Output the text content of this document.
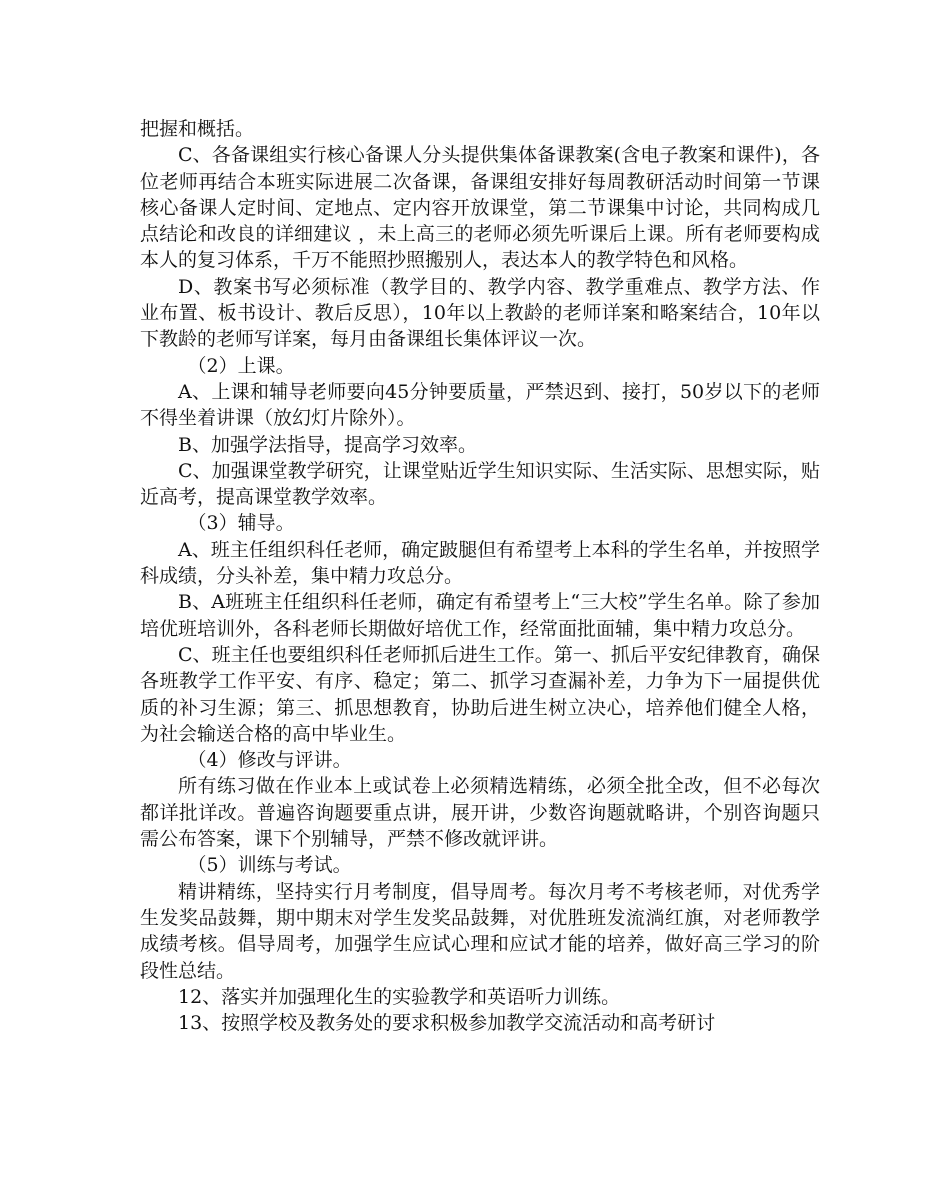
把握和概括。

C、各备课组实行核心备课人分头提供集体备课教案(含电子教案和课件)，各位老师再结合本班实际进展二次备课，备课组安排好每周教研活动时间第一节课核心备课人定时间、定地点、定内容开放课堂，第二节课集中讨论，共同构成几点结论和改良的详细建议 ，未上高三的老师必须先听课后上课。所有老师要构成本人的复习体系，千万不能照抄照搬别人，表达本人的教学特色和风格。

D、教案书写必须标准（教学目的、教学内容、教学重难点、教学方法、作业布置、板书设计、教后反思），10年以上教龄的老师详案和略案结合，10年以下教龄的老师写详案，每月由备课组长集体评议一次。

（2）上课。

A、上课和辅导老师要向45分钟要质量，严禁迟到、接打，50岁以下的老师不得坐着讲课（放幻灯片除外）。

B、加强学法指导，提高学习效率。

C、加强课堂教学研究，让课堂贴近学生知识实际、生活实际、思想实际，贴近高考，提高课堂教学效率。

（3）辅导。

A、班主任组织科任老师，确定跛腿但有希望考上本科的学生名单，并按照学科成绩，分头补差，集中精力攻总分。

B、A班班主任组织科任老师，确定有希望考上“三大校”学生名单。除了参加培优班培训外，各科老师长期做好培优工作，经常面批面辅，集中精力攻总分。

C、班主任也要组织科任老师抓后进生工作。第一、抓后平安纪律教育，确保各班教学工作平安、有序、稳定；第二、抓学习查漏补差，力争为下一届提供优质的补习生源；第三、抓思想教育，协助后进生树立决心，培养他们健全人格，为社会输送合格的高中毕业生。

（4）修改与评讲。

所有练习做在作业本上或试卷上必须精选精练，必须全批全改，但不必每次都详批详改。普遍咨询题要重点讲，展开讲，少数咨询题就略讲，个别咨询题只需公布答案，课下个别辅导，严禁不修改就评讲。

（5）训练与考试。

精讲精练，坚持实行月考制度，倡导周考。每次月考不考核老师，对优秀学生发奖品鼓舞，期中期末对学生发奖品鼓舞，对优胜班发流淌红旗，对老师教学成绩考核。倡导周考，加强学生应试心理和应试才能的培养，做好高三学习的阶段性总结。

12、落实并加强理化生的实验教学和英语听力训练。

13、按照学校及教务处的要求积极参加教学交流活动和高考研讨
